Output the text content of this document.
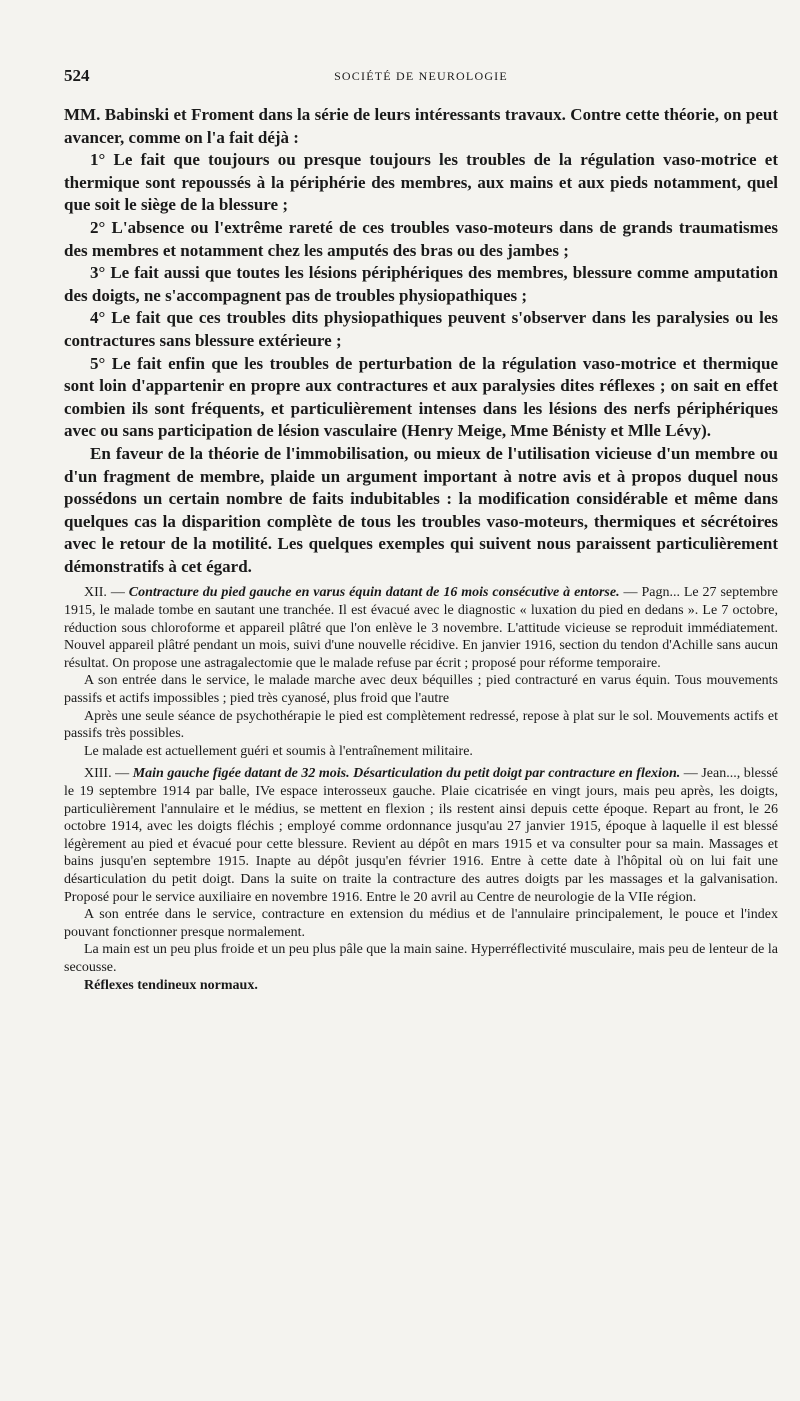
524	SOCIÉTÉ DE NEUROLOGIE

MM. Babinski et Froment dans la série de leurs intéressants travaux. Contre cette théorie, on peut avancer, comme on l'a fait déjà :

1° Le fait que toujours ou presque toujours les troubles de la régulation vaso-motrice et thermique sont repoussés à la périphérie des membres, aux mains et aux pieds notamment, quel que soit le siège de la blessure ;

2° L'absence ou l'extrême rareté de ces troubles vaso-moteurs dans de grands traumatismes des membres et notamment chez les amputés des bras ou des jambes ;

3° Le fait aussi que toutes les lésions périphériques des membres, blessure comme amputation des doigts, ne s'accompagnent pas de troubles physiopathiques ;

4° Le fait que ces troubles dits physiopathiques peuvent s'observer dans les paralysies ou les contractures sans blessure extérieure ;

5° Le fait enfin que les troubles de perturbation de la régulation vaso-motrice et thermique sont loin d'appartenir en propre aux contractures et aux paralysies dites réflexes ; on sait en effet combien ils sont fréquents, et particulièrement intenses dans les lésions des nerfs périphériques avec ou sans participation de lésion vasculaire (Henry Meige, Mme Bénisty et Mlle Lévy).

En faveur de la théorie de l'immobilisation, ou mieux de l'utilisation vicieuse d'un membre ou d'un fragment de membre, plaide un argument important à notre avis et à propos duquel nous possédons un certain nombre de faits indubitables : la modification considérable et même dans quelques cas la disparition complète de tous les troubles vaso-moteurs, thermiques et sécrétoires avec le retour de la motilité. Les quelques exemples qui suivent nous paraissent particulièrement démonstratifs à cet égard.

XII. — Contracture du pied gauche en varus équin datant de 16 mois consécutive à entorse. — Pagn... Le 27 septembre 1915, le malade tombe en sautant une tranchée. Il est évacué avec le diagnostic « luxation du pied en dedans ». Le 7 octobre, réduction sous chloroforme et appareil plâtré que l'on enlève le 3 novembre. L'attitude vicieuse se reproduit immédiatement. Nouvel appareil plâtré pendant un mois, suivi d'une nouvelle récidive. En janvier 1916, section du tendon d'Achille sans aucun résultat. On propose une astragalectomie que le malade refuse par écrit ; proposé pour réforme temporaire.

A son entrée dans le service, le malade marche avec deux béquilles ; pied contracturé en varus équin. Tous mouvements passifs et actifs impossibles ; pied très cyanosé, plus froid que l'autre

Après une seule séance de psychothérapie le pied est complètement redressé, repose à plat sur le sol. Mouvements actifs et passifs très possibles.

Le malade est actuellement guéri et soumis à l'entraînement militaire.

XIII. — Main gauche figée datant de 32 mois. Désarticulation du petit doigt par contracture en flexion. — Jean..., blessé le 19 septembre 1914 par balle, IVe espace interosseux gauche. Plaie cicatrisée en vingt jours, mais peu après, les doigts, particulièrement l'annulaire et le médius, se mettent en flexion ; ils restent ainsi depuis cette époque. Repart au front, le 26 octobre 1914, avec les doigts fléchis ; employé comme ordonnance jusqu'au 27 janvier 1915, époque à laquelle il est blessé légèrement au pied et évacué pour cette blessure. Revient au dépôt en mars 1915 et va consulter pour sa main. Massages et bains jusqu'en septembre 1915. Inapte au dépôt jusqu'en février 1916. Entre à cette date à l'hôpital où on lui fait une désarticulation du petit doigt. Dans la suite on traite la contracture des autres doigts par les massages et la galvanisation. Proposé pour le service auxiliaire en novembre 1916. Entre le 20 avril au Centre de neurologie de la VIIe région.

A son entrée dans le service, contracture en extension du médius et de l'annulaire principalement, le pouce et l'index pouvant fonctionner presque normalement.

La main est un peu plus froide et un peu plus pâle que la main saine. Hyperréflectivité musculaire, mais peu de lenteur de la secousse.

Réflexes tendineux normaux.
